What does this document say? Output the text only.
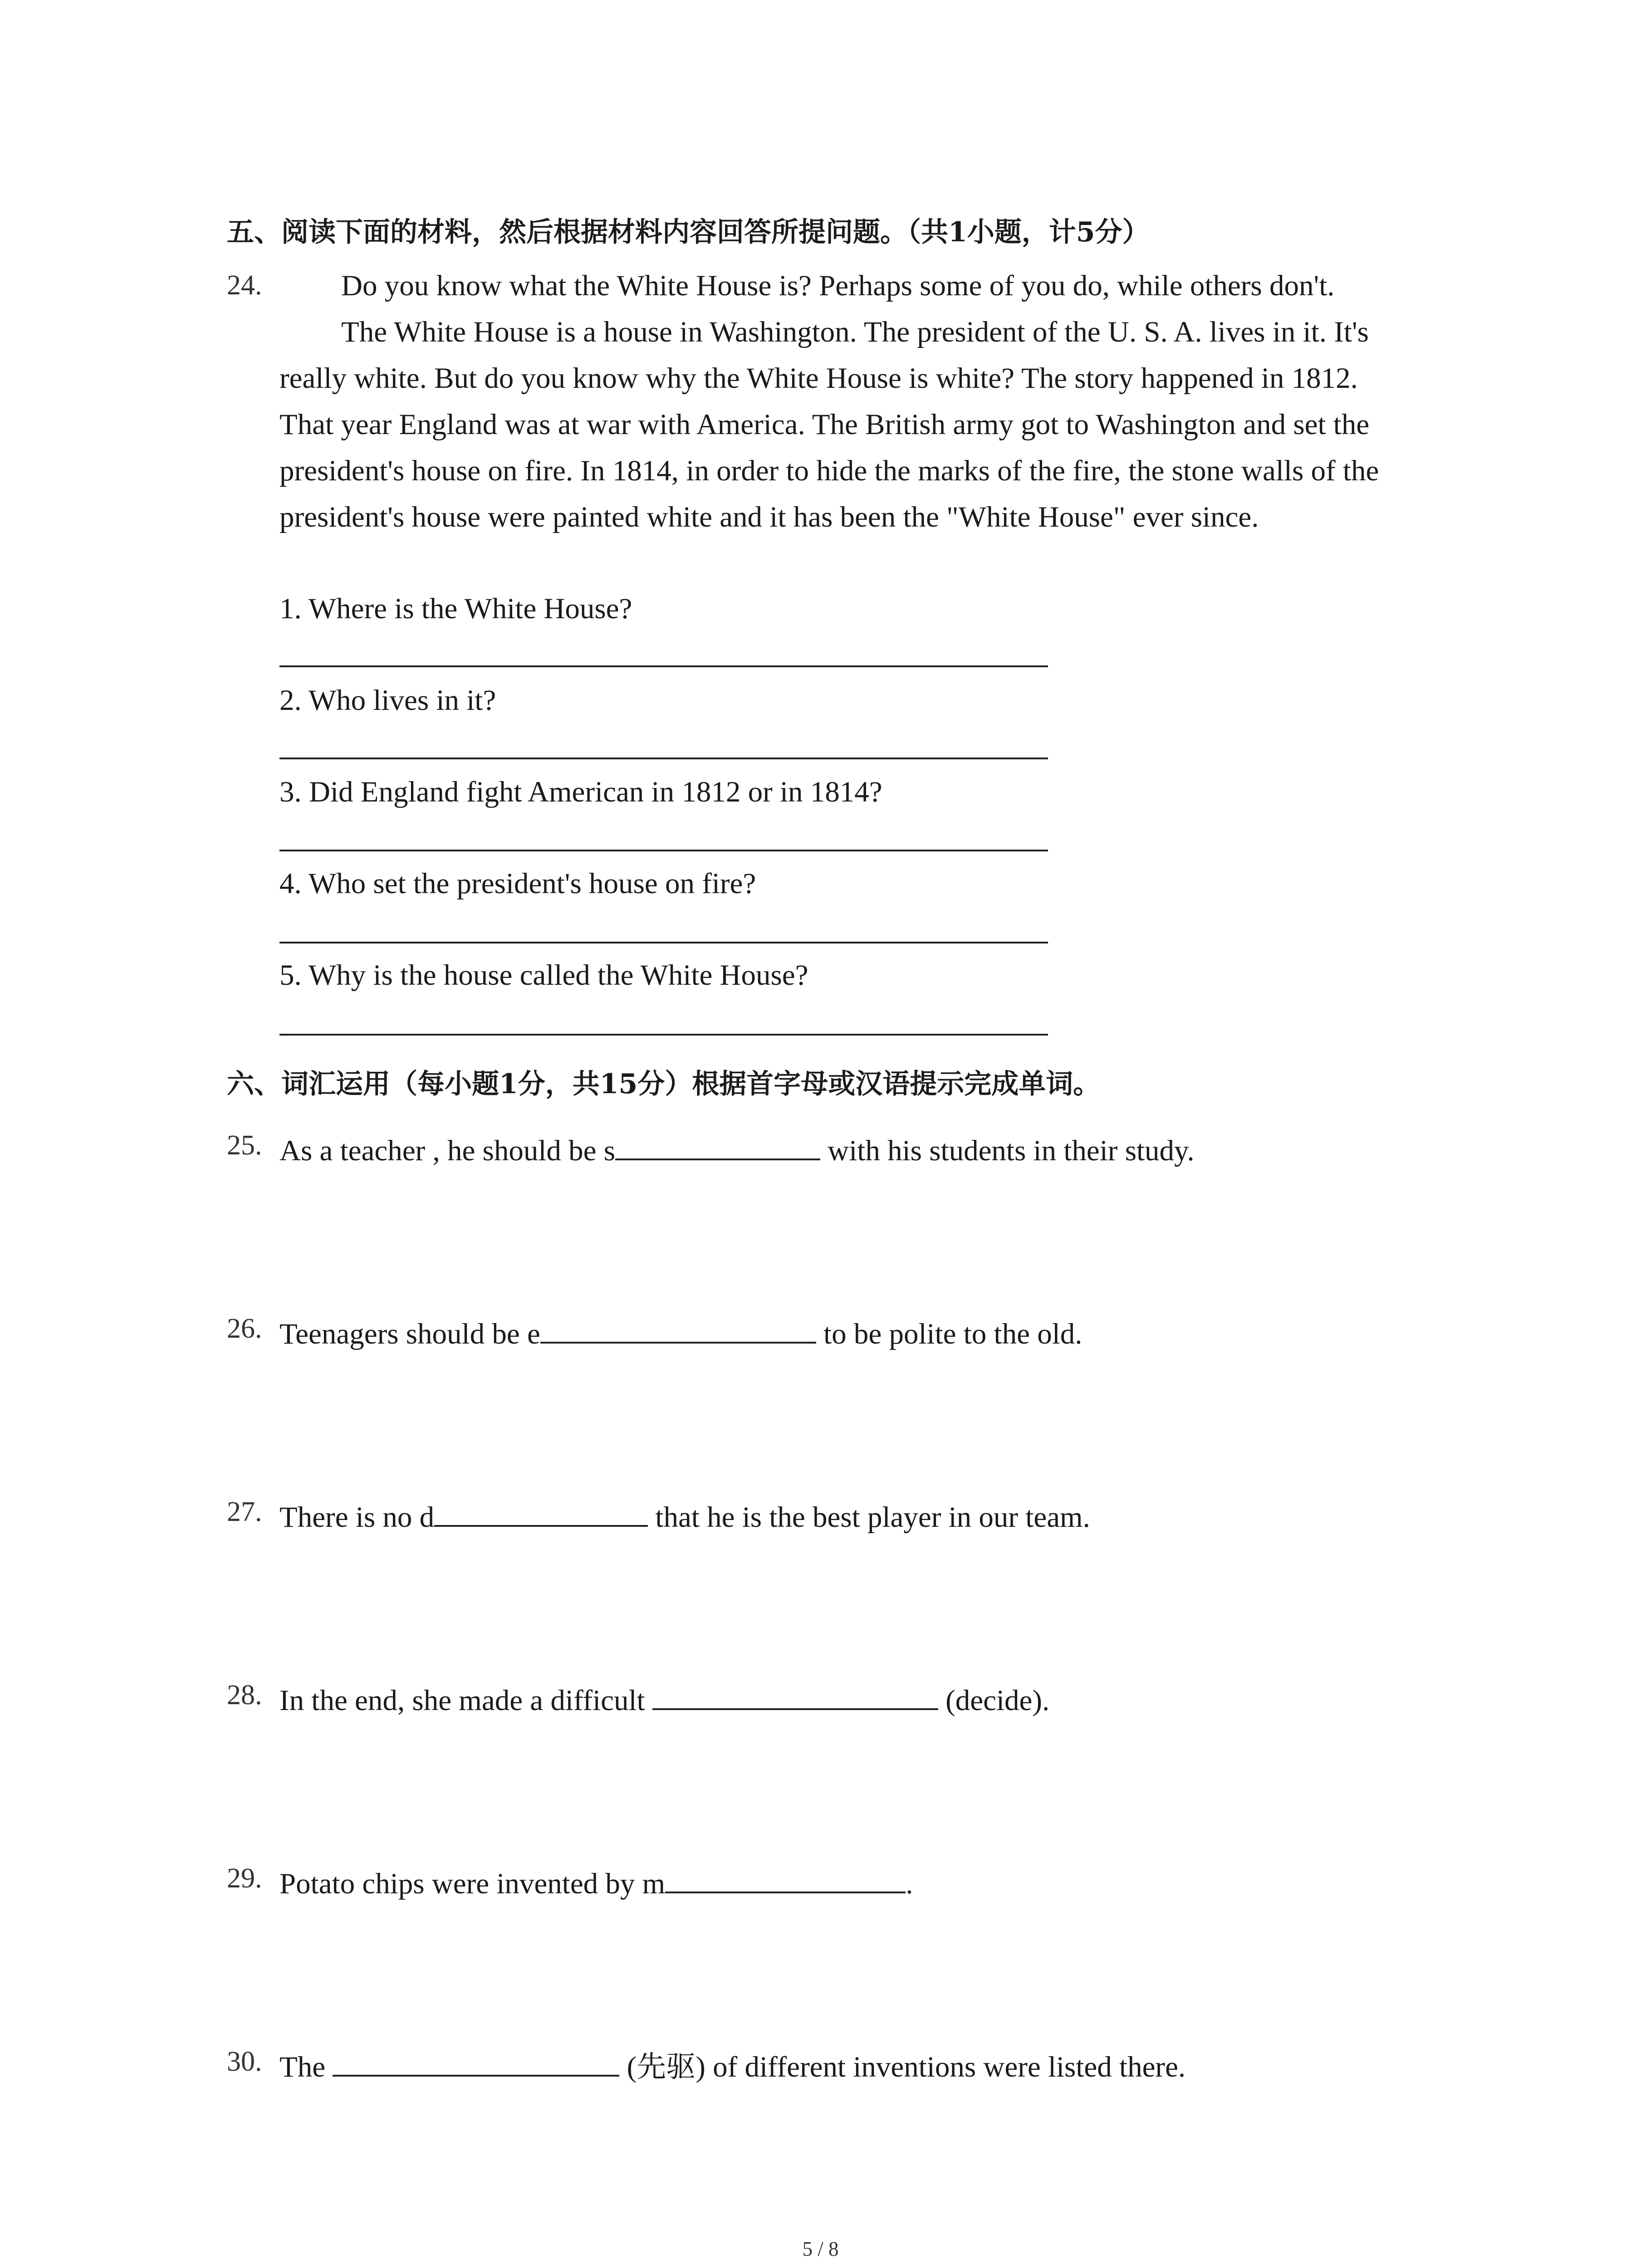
五、阅读下面的材料，然后根据材料内容回答所提问题。（共1小题，计5分）
24.	Do you know what the White House is? Perhaps some of you do, while others don't.
The White House is a house in Washington. The president of the U. S. A. lives in it. It's
really white. But do you know why the White House is white? The story happened in 1812.
That year England was at war with America. The British army got to Washington and set the
president's house on fire. In 1814, in order to hide the marks of the fire, the stone walls of the
president's house were painted white and it has been the "White House" ever since.
1. Where is the White House?
2. Who lives in it?
3. Did England fight American in 1812 or in 1814?
4. Who set the president's house on fire?
5. Why is the house called the White House?
六、词汇运用（每小题1分，共15分）根据首字母或汉语提示完成单词。
25. As a teacher , he should be s	with his students in their study.
26. Teenagers should be e	to be polite to the old.
27. There is no d	that he is the best player in our team.
28. In the end, she made a difficult	(decide).
29. Potato chips were invented by m	.
30. The	(先驱) of different inventions were listed there.
5 / 8
